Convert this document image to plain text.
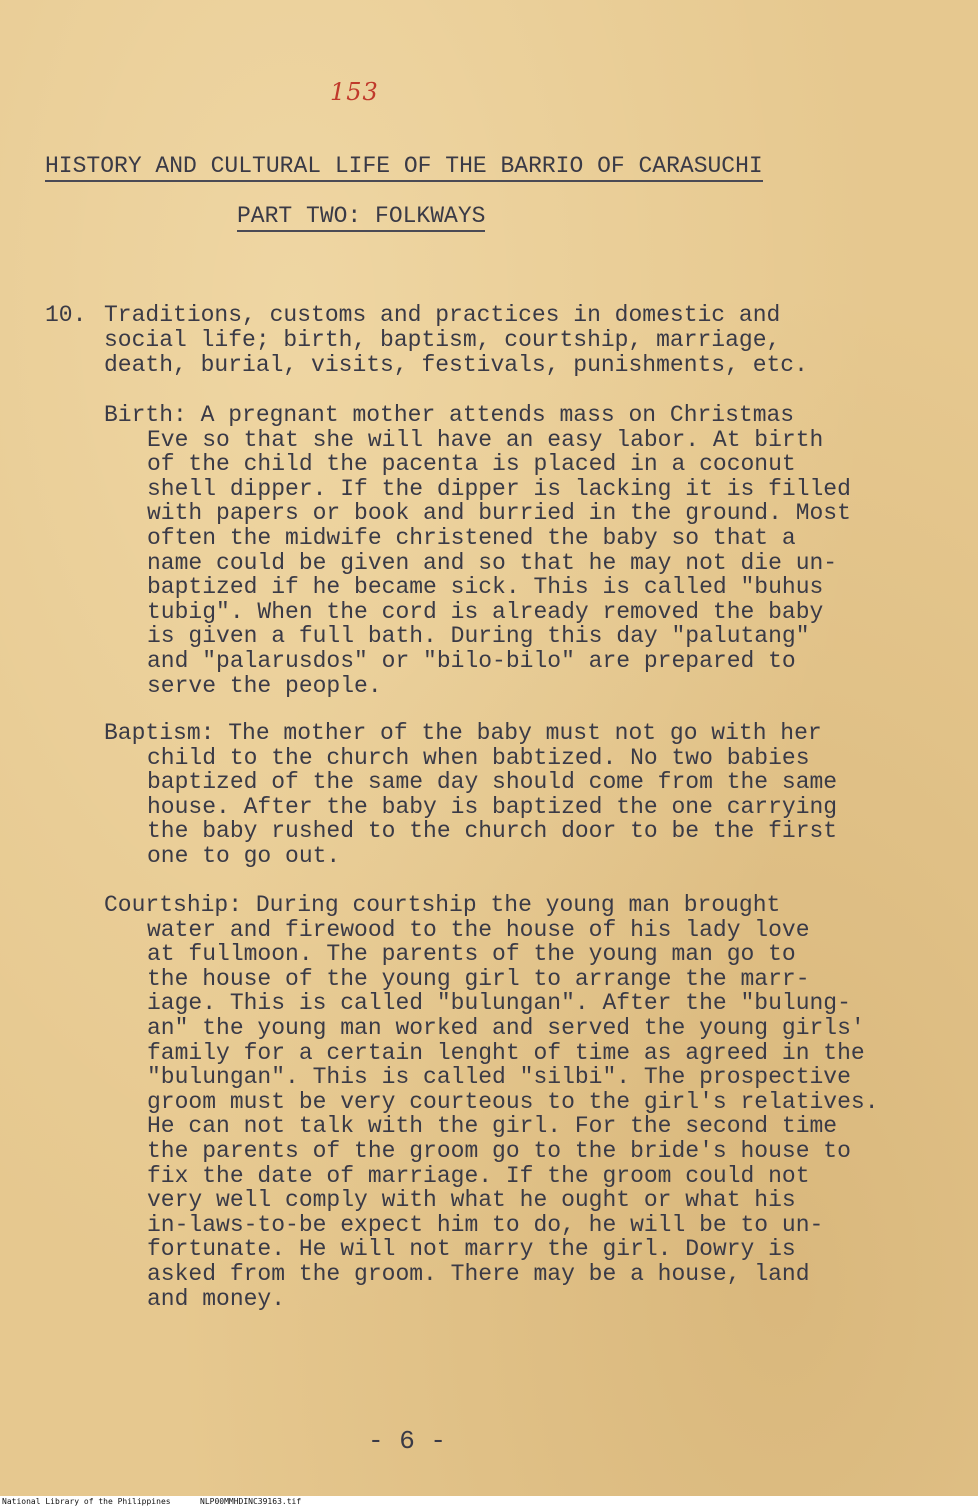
153
HISTORY AND CULTURAL LIFE OF THE BARRIO OF CARASUCHI
PART TWO: FOLKWAYS
10. Traditions, customs and practices in domestic and
social life; birth, baptism, courtship, marriage,
death, burial, visits, festivals, punishments, etc.
Birth: A pregnant mother attends mass on Christmas
Eve so that she will have an easy labor. At birth
of the child the pacenta is placed in a coconut
shell dipper. If the dipper is lacking it is filled
with papers or book and burried in the ground. Most
often the midwife christened the baby so that a
name could be given and so that he may not die un-
baptized if he became sick. This is called "buhus
tubig". When the cord is already removed the baby
is given a full bath. During this day "palutang"
and "palarusdos" or "bilo-bilo" are prepared to
serve the people.
Baptism: The mother of the baby must not go with her
child to the church when babtized. No two babies
baptized of the same day should come from the same
house. After the baby is baptized the one carrying
the baby rushed to the church door to be the first
one to go out.
Courtship: During courtship the young man brought
water and firewood to the house of his lady love
at fullmoon. The parents of the young man go to
the house of the young girl to arrange the marr-
iage. This is called "bulungan". After the "bulung-
an" the young man worked and served the young girls'
family for a certain lenght of time as agreed in the
"bulungan". This is called "silbi". The prospective
groom must be very courteous to the girl's relatives.
He can not talk with the girl. For the second time
the parents of the groom go to the bride's house to
fix the date of marriage. If the groom could not
very well comply with what he ought or what his
in-laws-to-be expect him to do, he will be to un-
fortunate. He will not marry the girl. Dowry is
asked from the groom. There may be a house, land
and money.
- 6 -
National Library of the Philippines	NLP00MMHDINC39163.tif
